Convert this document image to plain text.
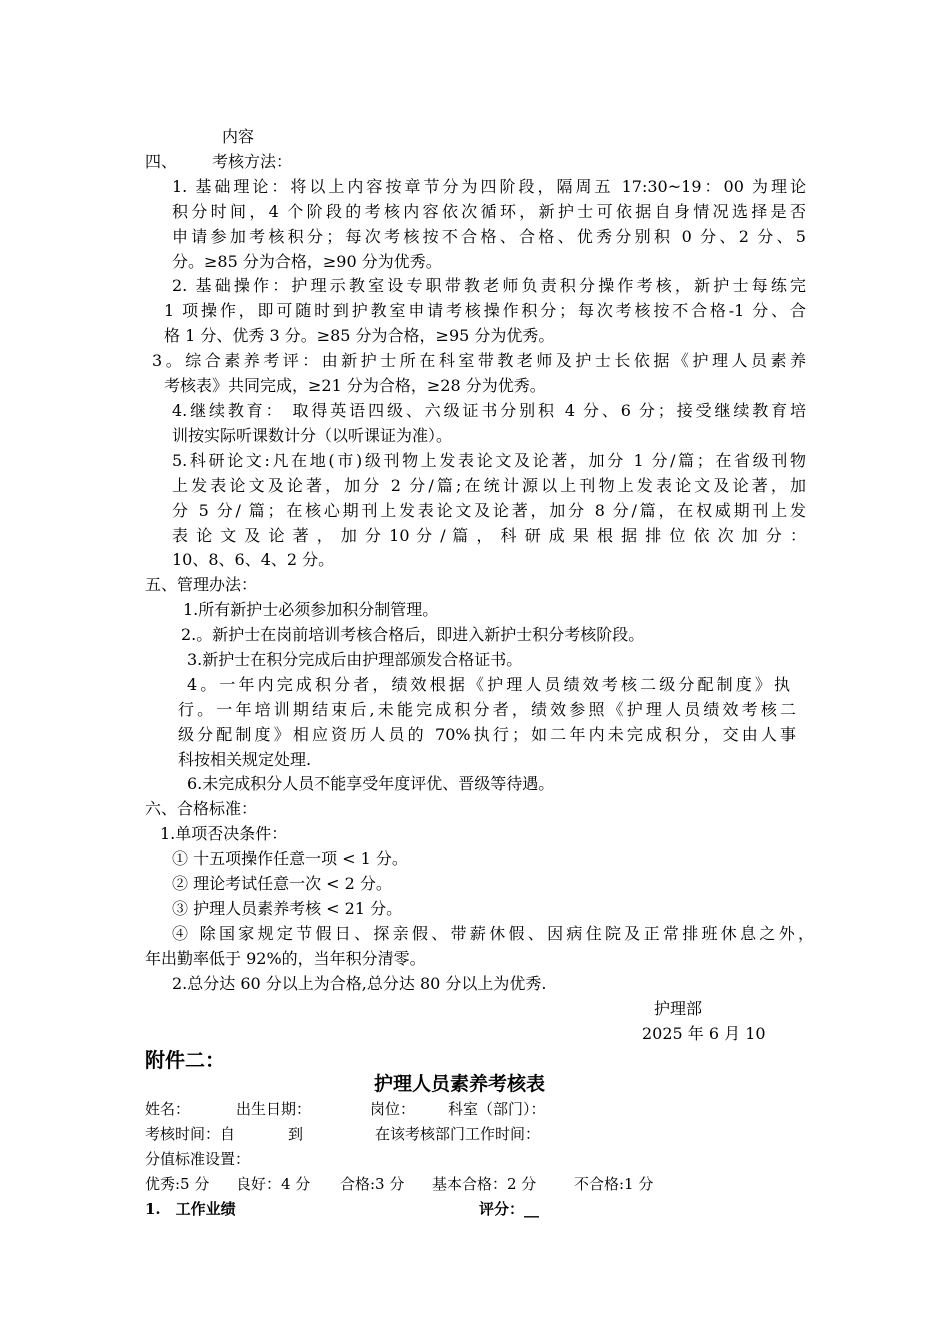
内容
四、 考核方法：
1. 基础理论：将以上内容按章节分为四阶段，隔周五 17:30~19：00 为理论
积分时间，4 个阶段的考核内容依次循环，新护士可依据自身情况选择是否
申请参加考核积分；每次考核按不合格、合格、优秀分别积 0 分、2 分、5
分。≥85 分为合格，≥90 分为优秀。
2. 基础操作：护理示教室设专职带教老师负责积分操作考核，新护士每练完
1 项操作，即可随时到护教室申请考核操作积分；每次考核按不合格-1 分、合
格 1 分、优秀 3 分。≥85 分为合格，≥95 分为优秀。
3。综合素养考评：由新护士所在科室带教老师及护士长依据《护理人员素养
考核表》共同完成，≥21 分为合格，≥28 分为优秀。
4.继续教育： 取得英语四级、六级证书分别积 4 分、6 分；接受继续教育培
训按实际听课数计分（以听课证为准）。
5.科研论文:凡在地(市)级刊物上发表论文及论著，加分 1 分/篇；在省级刊物
上发表论文及论著，加分 2 分/篇;在统计源以上刊物上发表论文及论著，加
分 5 分/ 篇；在核心期刊上发表论文及论著，加分 8 分/篇，在权威期刊上发
表 论 文 及 论 著 ， 加 分 10 分 / 篇 ， 科 研 成 果 根 据 排 位 依 次 加 分 ：
10、8、6、4、2 分。
五、管理办法：
1.所有新护士必须参加积分制管理。
2.。新护士在岗前培训考核合格后，即进入新护士积分考核阶段。
3.新护士在积分完成后由护理部颁发合格证书。
4。一年内完成积分者，绩效根据《护理人员绩效考核二级分配制度》执
行。一年培训期结束后,未能完成积分者，绩效参照《护理人员绩效考核二
级分配制度》相应资历人员的 70%执行；如二年内未完成积分，交由人事
科按相关规定处理.
6.未完成积分人员不能享受年度评优、晋级等待遇。
六、合格标准：
1.单项否决条件：
① 十五项操作任意一项 < 1 分。
② 理论考试任意一次 < 2 分。
③ 护理人员素养考核 < 21 分。
④ 除国家规定节假日、探亲假、带薪休假、因病住院及正常排班休息之外，
年出勤率低于 92%的，当年积分清零。
2.总分达 60 分以上为合格,总分达 80 分以上为优秀.
护理部
2025 年 6 月 10
附件二：
护理人员素养考核表
姓名：	出生日期：	岗位： 科室（部门）：
考核时间：自	到	在该考核部门工作时间：
分值标准设置：
优秀:5 分 良好：4 分 合格:3 分 基本合格：2 分	不合格:1 分
1.　工作业绩	评分：__
